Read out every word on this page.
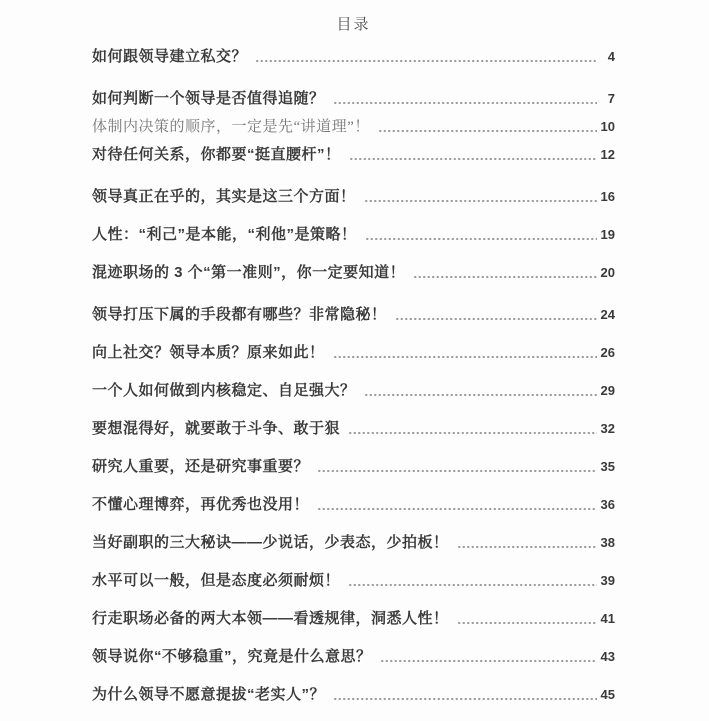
目录
如何跟领导建立私交？	4
如何判断一个领导是否值得追随？	7
体制内决策的顺序，一定是先“讲道理”！	10
对待任何关系，你都要“挺直腰杆”！	12
领导真正在乎的，其实是这三个方面！	16
人性：“利己”是本能，“利他”是策略！	19
混迹职场的 3 个“第一准则”，你一定要知道！	20
领导打压下属的手段都有哪些？非常隐秘！	24
向上社交？领导本质？原来如此！	26
一个人如何做到内核稳定、自足强大？	29
要想混得好，就要敢于斗争、敢于狠	32
研究人重要，还是研究事重要？	35
不懂心理博弈，再优秀也没用！	36
当好副职的三大秘诀——少说话，少表态，少拍板！	38
水平可以一般，但是态度必须耐烦！	39
行走职场必备的两大本领——看透规律，洞悉人性！	41
领导说你“不够稳重”，究竟是什么意思？	43
为什么领导不愿意提拔“老实人”？	45
